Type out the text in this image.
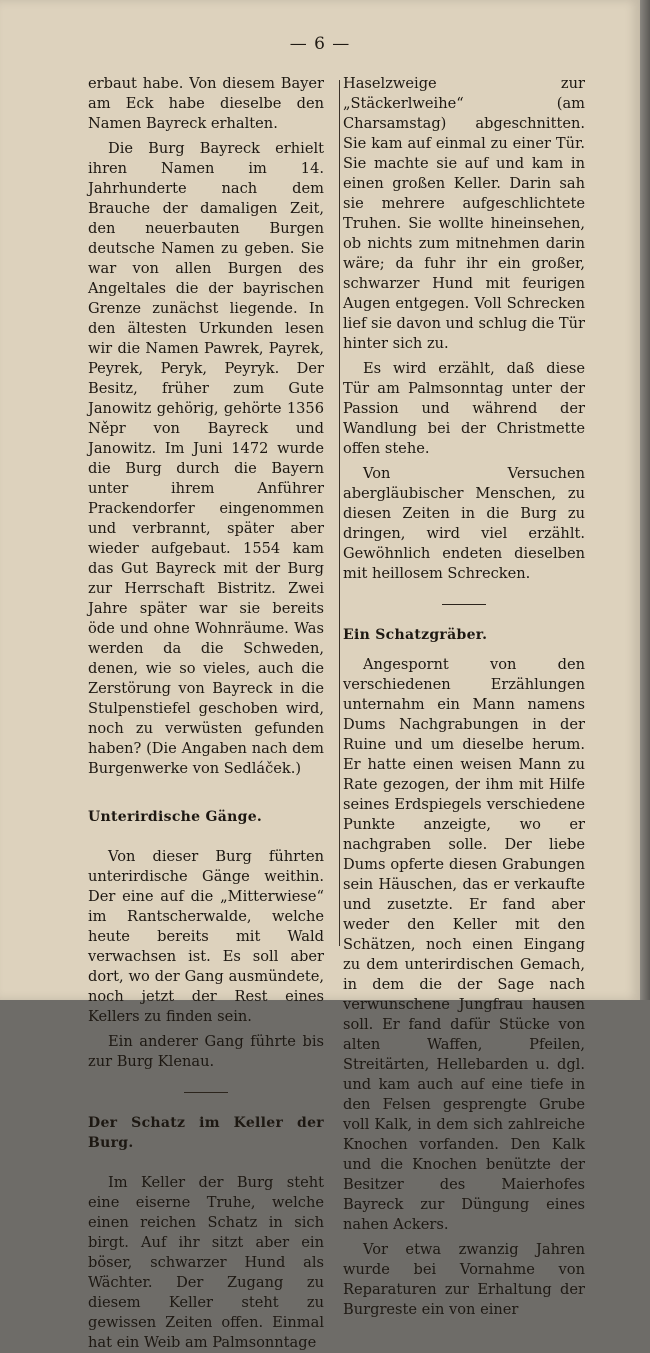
— 6 —

erbaut habe. Von diesem Bayer am Eck habe dieselbe den Namen Bayreck erhalten.

Die Burg Bayreck erhielt ihren Namen im 14. Jahrhunderte nach dem Brauche der damaligen Zeit, den neuerbauten Burgen deutsche Namen zu geben. Sie war von allen Burgen des Angeltales die der bayrischen Grenze zunächst liegende. In den ältesten Urkunden lesen wir die Namen Pawrek, Payrek, Peyrek, Peryk, Peyryk. Der Besitz, früher zum Gute Janowitz gehörig, gehörte 1356 Něpr von Bayreck und Janowitz. Im Juni 1472 wurde die Burg durch die Bayern unter ihrem Anführer Prackendorfer eingenommen und verbrannt, später aber wieder aufgebaut. 1554 kam das Gut Bayreck mit der Burg zur Herrschaft Bistritz. Zwei Jahre später war sie bereits öde und ohne Wohnräume. Was werden da die Schweden, denen, wie so vieles, auch die Zerstörung von Bayreck in die Stulpenstiefel geschoben wird, noch zu verwüsten gefunden haben? (Die Angaben nach dem Burgenwerke von Sedláček.)

Unterirdische Gänge.

Von dieser Burg führten unterirdische Gänge weithin. Der eine auf die „Mitterwiese“ im Rantscherwalde, welche heute bereits mit Wald verwachsen ist. Es soll aber dort, wo der Gang ausmündete, noch jetzt der Rest eines Kellers zu finden sein.

Ein anderer Gang führte bis zur Burg Klenau.

Der Schatz im Keller der Burg.

Im Keller der Burg steht eine eiserne Truhe, welche einen reichen Schatz in sich birgt. Auf ihr sitzt aber ein böser, schwarzer Hund als Wächter. Der Zugang zu diesem Keller steht zu gewissen Zeiten offen. Einmal hat ein Weib am Palmsonntage

Haselzweige zur „Stäckerlweihe“ (am Charsamstag) abgeschnitten. Sie kam auf einmal zu einer Tür. Sie machte sie auf und kam in einen großen Keller. Darin sah sie mehrere aufgeschlichtete Truhen. Sie wollte hineinsehen, ob nichts zum mitnehmen darin wäre; da fuhr ihr ein großer, schwarzer Hund mit feurigen Augen entgegen. Voll Schrecken lief sie davon und schlug die Tür hinter sich zu.

Es wird erzählt, daß diese Tür am Palmsonntag unter der Passion und während der Wandlung bei der Christmette offen stehe.

Von Versuchen abergläubischer Menschen, zu diesen Zeiten in die Burg zu dringen, wird viel erzählt. Gewöhnlich endeten dieselben mit heillosem Schrecken.

Ein Schatzgräber.

Angespornt von den verschiedenen Erzählungen unternahm ein Mann namens Dums Nachgrabungen in der Ruine und um dieselbe herum. Er hatte einen weisen Mann zu Rate gezogen, der ihm mit Hilfe seines Erdspiegels verschiedene Punkte anzeigte, wo er nachgraben solle. Der liebe Dums opferte diesen Grabungen sein Häuschen, das er verkaufte und zusetzte. Er fand aber weder den Keller mit den Schätzen, noch einen Eingang zu dem unterirdischen Gemach, in dem die der Sage nach verwunschene Jungfrau hausen soll. Er fand dafür Stücke von alten Waffen, Pfeilen, Streitärten, Hellebarden u. dgl. und kam auch auf eine tiefe in den Felsen gesprengte Grube voll Kalk, in dem sich zahlreiche Knochen vorfanden. Den Kalk und die Knochen benützte der Besitzer des Maierhofes Bayreck zur Düngung eines nahen Ackers.

Vor etwa zwanzig Jahren wurde bei Vornahme von Reparaturen zur Erhaltung der Burgreste ein von einer
